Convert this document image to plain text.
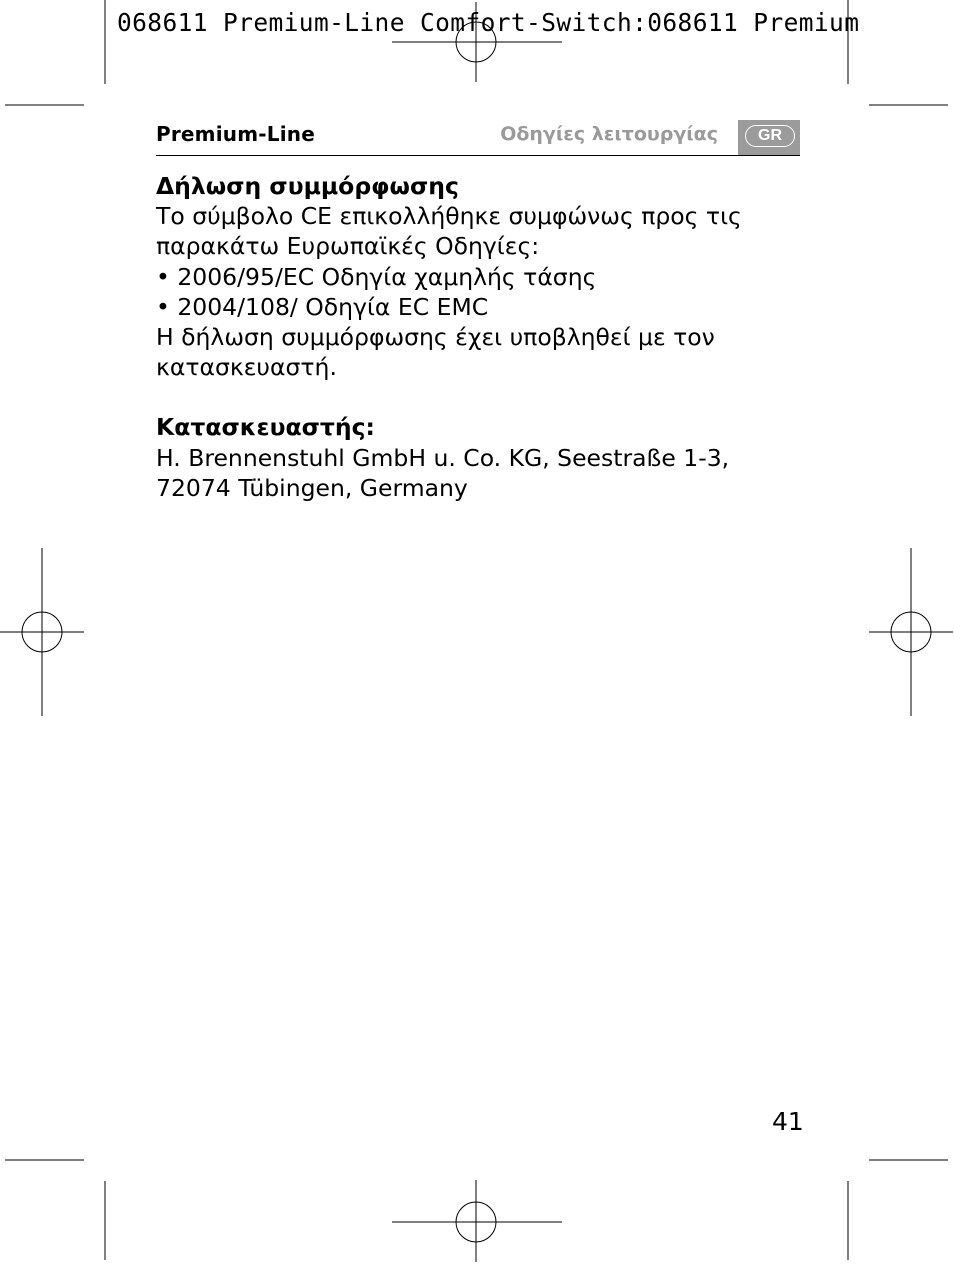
068611 Premium-Line Comfort-Switch:068611 Premium
Premium-Line	Οδηγίες λειτουργίας	GR

Δήλωση συμμόρφωσης

Το σύμβολο CE επικολλήθηκε συμφώνως προς τις

παρακάτω Ευρωπαϊκές Οδηγίες:

• 2006/95/EC Οδηγία χαμηλής τάσης

• 2004/108/ Οδηγία EC EMC

Η δήλωση συμμόρφωσης έχει υποβληθεί με τον

κατασκευαστή.

Κατασκευαστής:

H. Brennenstuhl GmbH u. Co. KG, Seestraße 1-3,

72074 Tübingen, Germany

41
